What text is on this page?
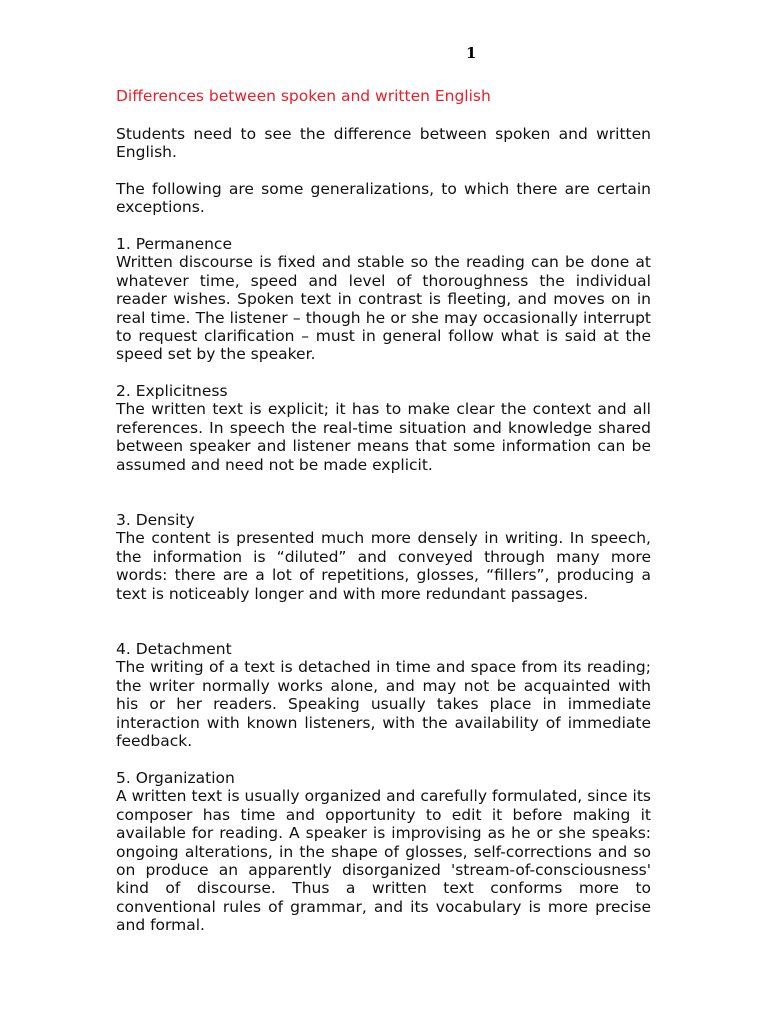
1
Differences between spoken and written English
Students need to see the difference between spoken and written English.
The following are some generalizations, to which there are certain exceptions.
1. Permanence
Written discourse is fixed and stable so the reading can be done at whatever time, speed and level of thoroughness the individual reader wishes. Spoken text in contrast is fleeting, and moves on in real time. The listener – though he or she may occasionally interrupt to request clarification – must in general follow what is said at the speed set by the speaker.
2. Explicitness
The written text is explicit; it has to make clear the context and all references. In speech the real-time situation and knowledge shared between speaker and listener means that some information can be assumed and need not be made explicit.
3. Density
The content is presented much more densely in writing. In speech, the information is “diluted” and conveyed through many more words: there are a lot of repetitions, glosses, “fillers”, producing a text is noticeably longer and with more redundant passages.
4. Detachment
The writing of a text is detached in time and space from its reading; the writer normally works alone, and may not be acquainted with his or her readers. Speaking usually takes place in immediate interaction with known listeners, with the availability of immediate feedback.
5. Organization
A written text is usually organized and carefully formulated, since its composer has time and opportunity to edit it before making it available for reading. A speaker is improvising as he or she speaks: ongoing alterations, in the shape of glosses, self-corrections and so on produce an apparently disorganized 'stream-of-consciousness' kind of discourse. Thus a written text conforms more to conventional rules of grammar, and its vocabulary is more precise and formal.
